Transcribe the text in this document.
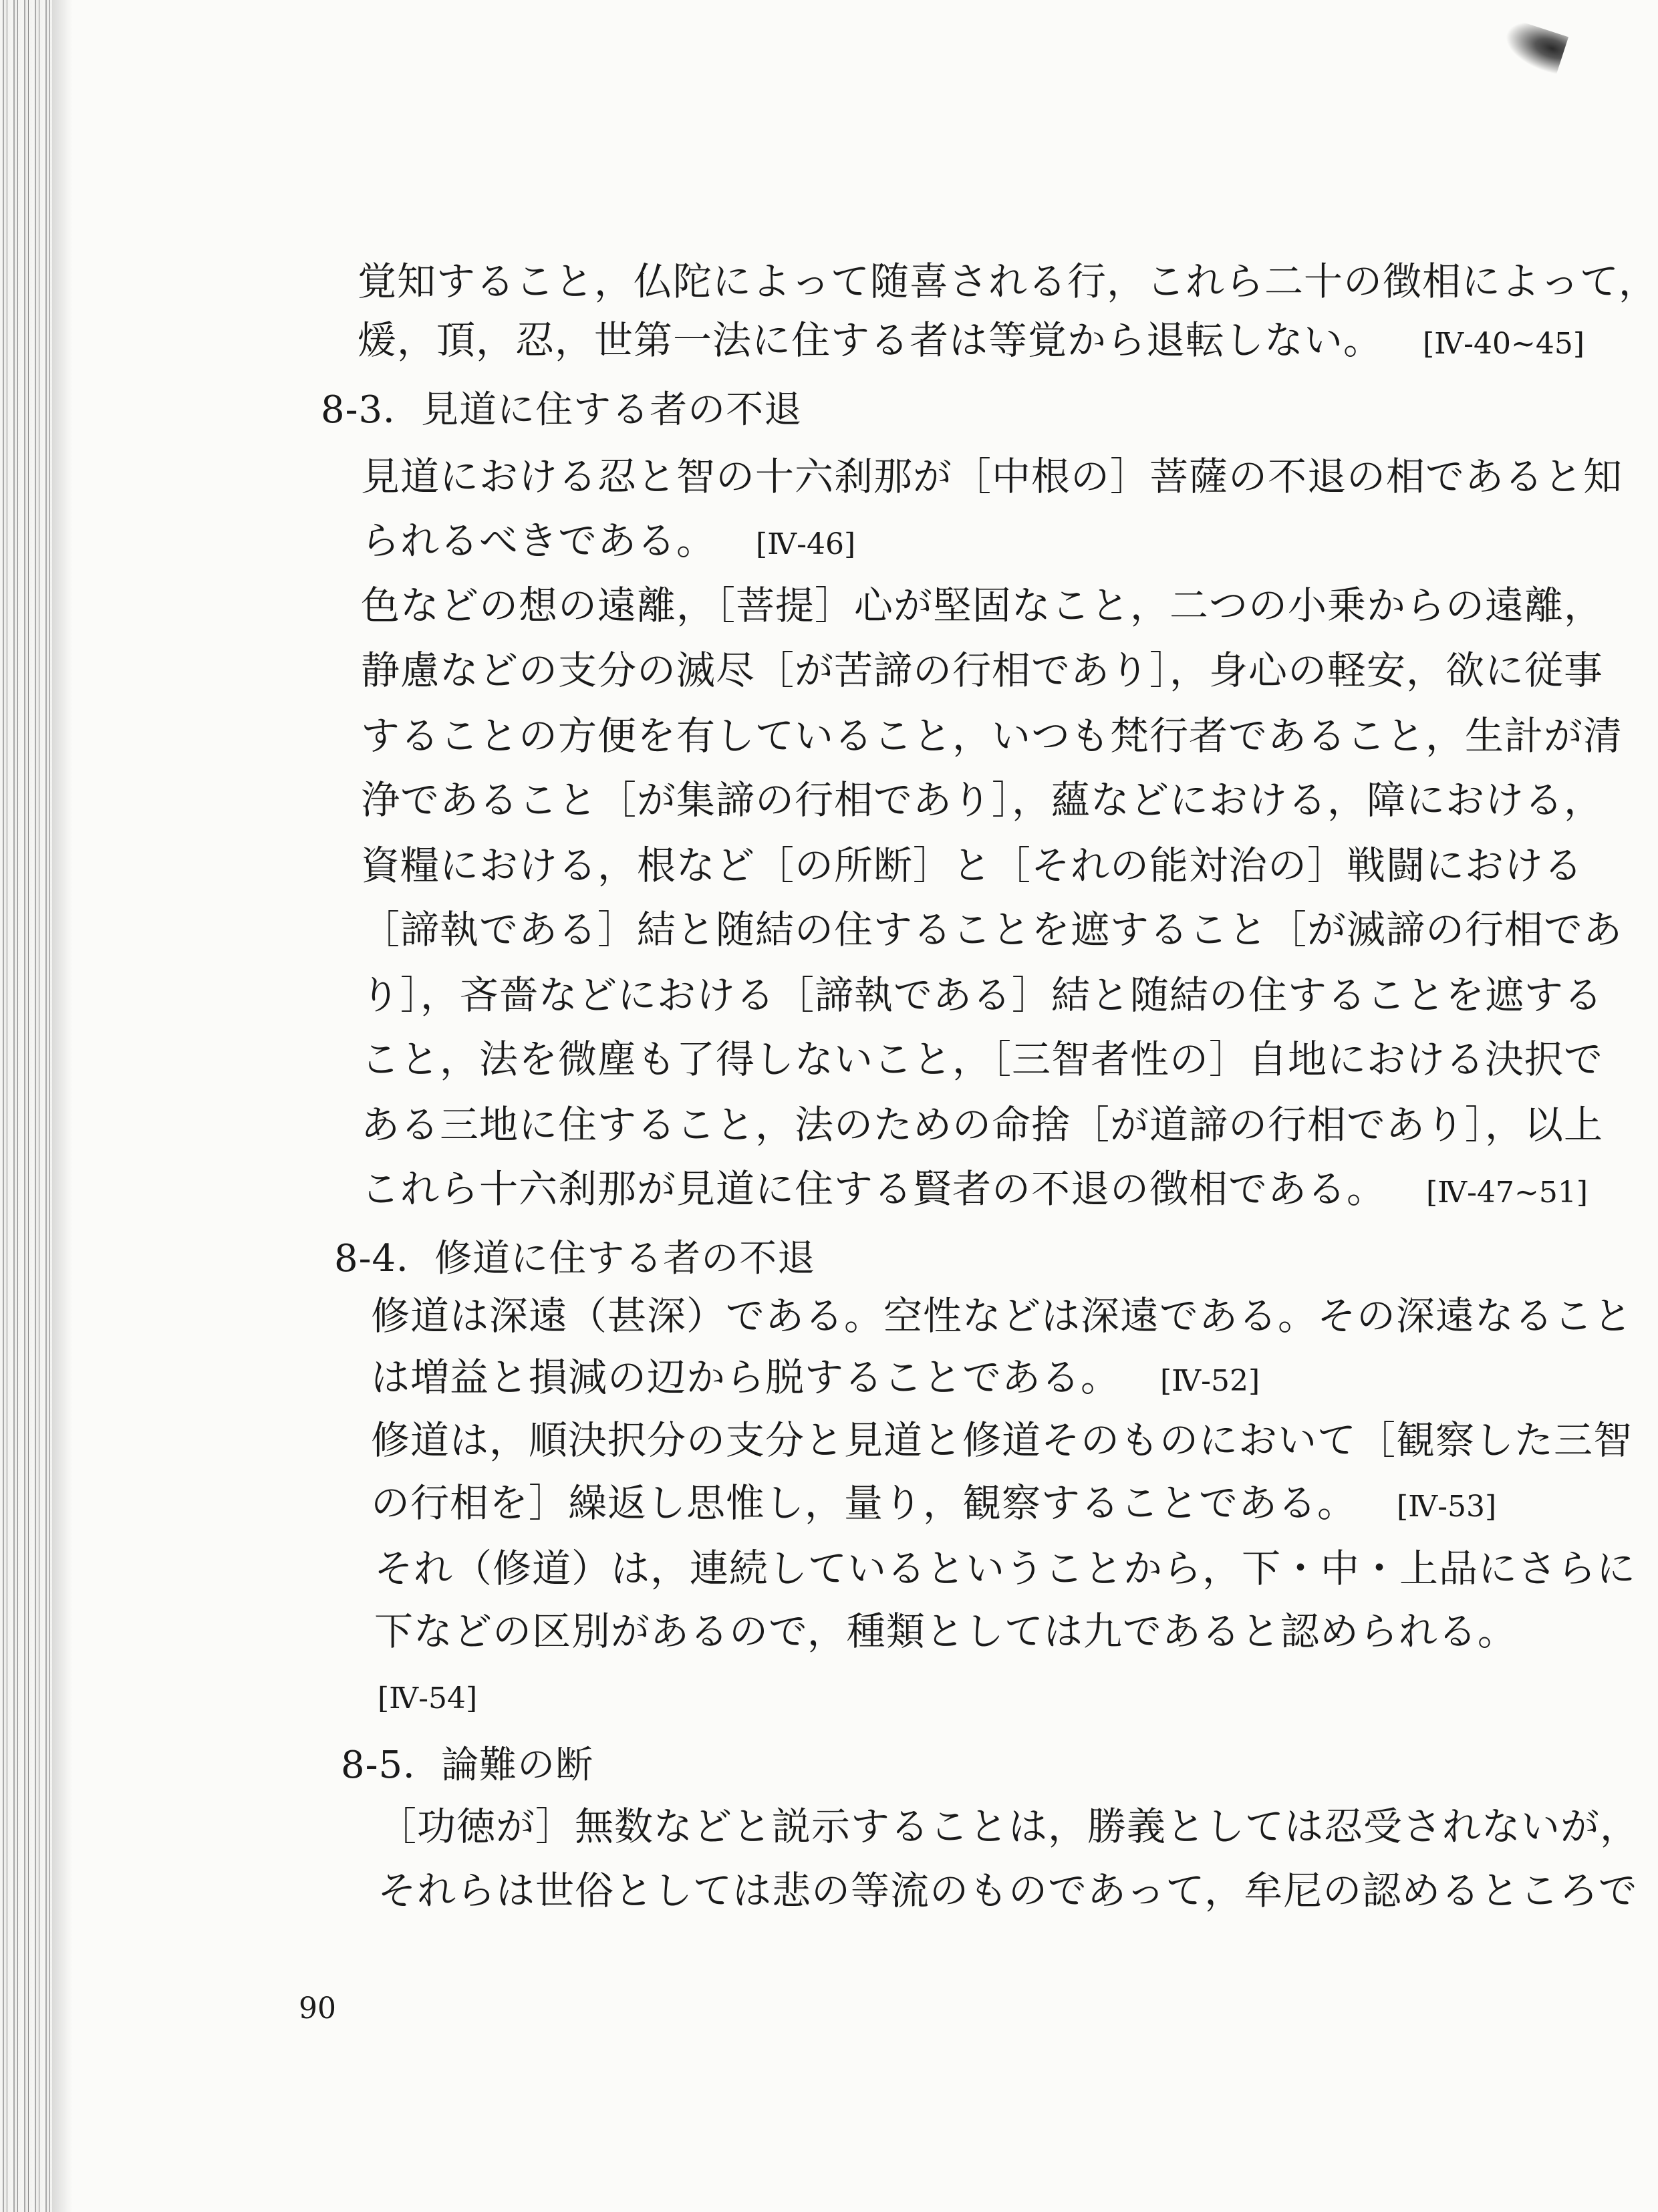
覚知すること，仏陀によって随喜される行，これら二十の徴相によって，
煖，頂，忍，世第一法に住する者は等覚から退転しない。 [Ⅳ-40~45]
8-3．見道に住する者の不退
見道における忍と智の十六刹那が［中根の］菩薩の不退の相であると知
られるべきである。 [Ⅳ-46]
色などの想の遠離，［菩提］心が堅固なこと，二つの小乗からの遠離，
静慮などの支分の滅尽［が苦諦の行相であり］，身心の軽安，欲に従事
することの方便を有していること，いつも梵行者であること，生計が清
浄であること［が集諦の行相であり］，蘊などにおける，障における，
資糧における，根など［の所断］と［それの能対治の］戦闘における
［諦執である］結と随結の住することを遮すること［が滅諦の行相であ
り］，吝嗇などにおける［諦執である］結と随結の住することを遮する
こと，法を微塵も了得しないこと，［三智者性の］自地における決択で
ある三地に住すること，法のための命捨［が道諦の行相であり］，以上
これら十六刹那が見道に住する賢者の不退の徴相である。 [Ⅳ-47~51]
8-4．修道に住する者の不退
修道は深遠（甚深）である。空性などは深遠である。その深遠なること
は増益と損減の辺から脱することである。 [Ⅳ-52]
修道は，順決択分の支分と見道と修道そのものにおいて［観察した三智
の行相を］繰返し思惟し，量り，観察することである。 [Ⅳ-53]
それ（修道）は，連続しているということから，下・中・上品にさらに
下などの区別があるので，種類としては九であると認められる。
[Ⅳ-54]
8-5．論難の断
［功徳が］無数などと説示することは，勝義としては忍受されないが，
それらは世俗としては悲の等流のものであって，牟尼の認めるところで
90
